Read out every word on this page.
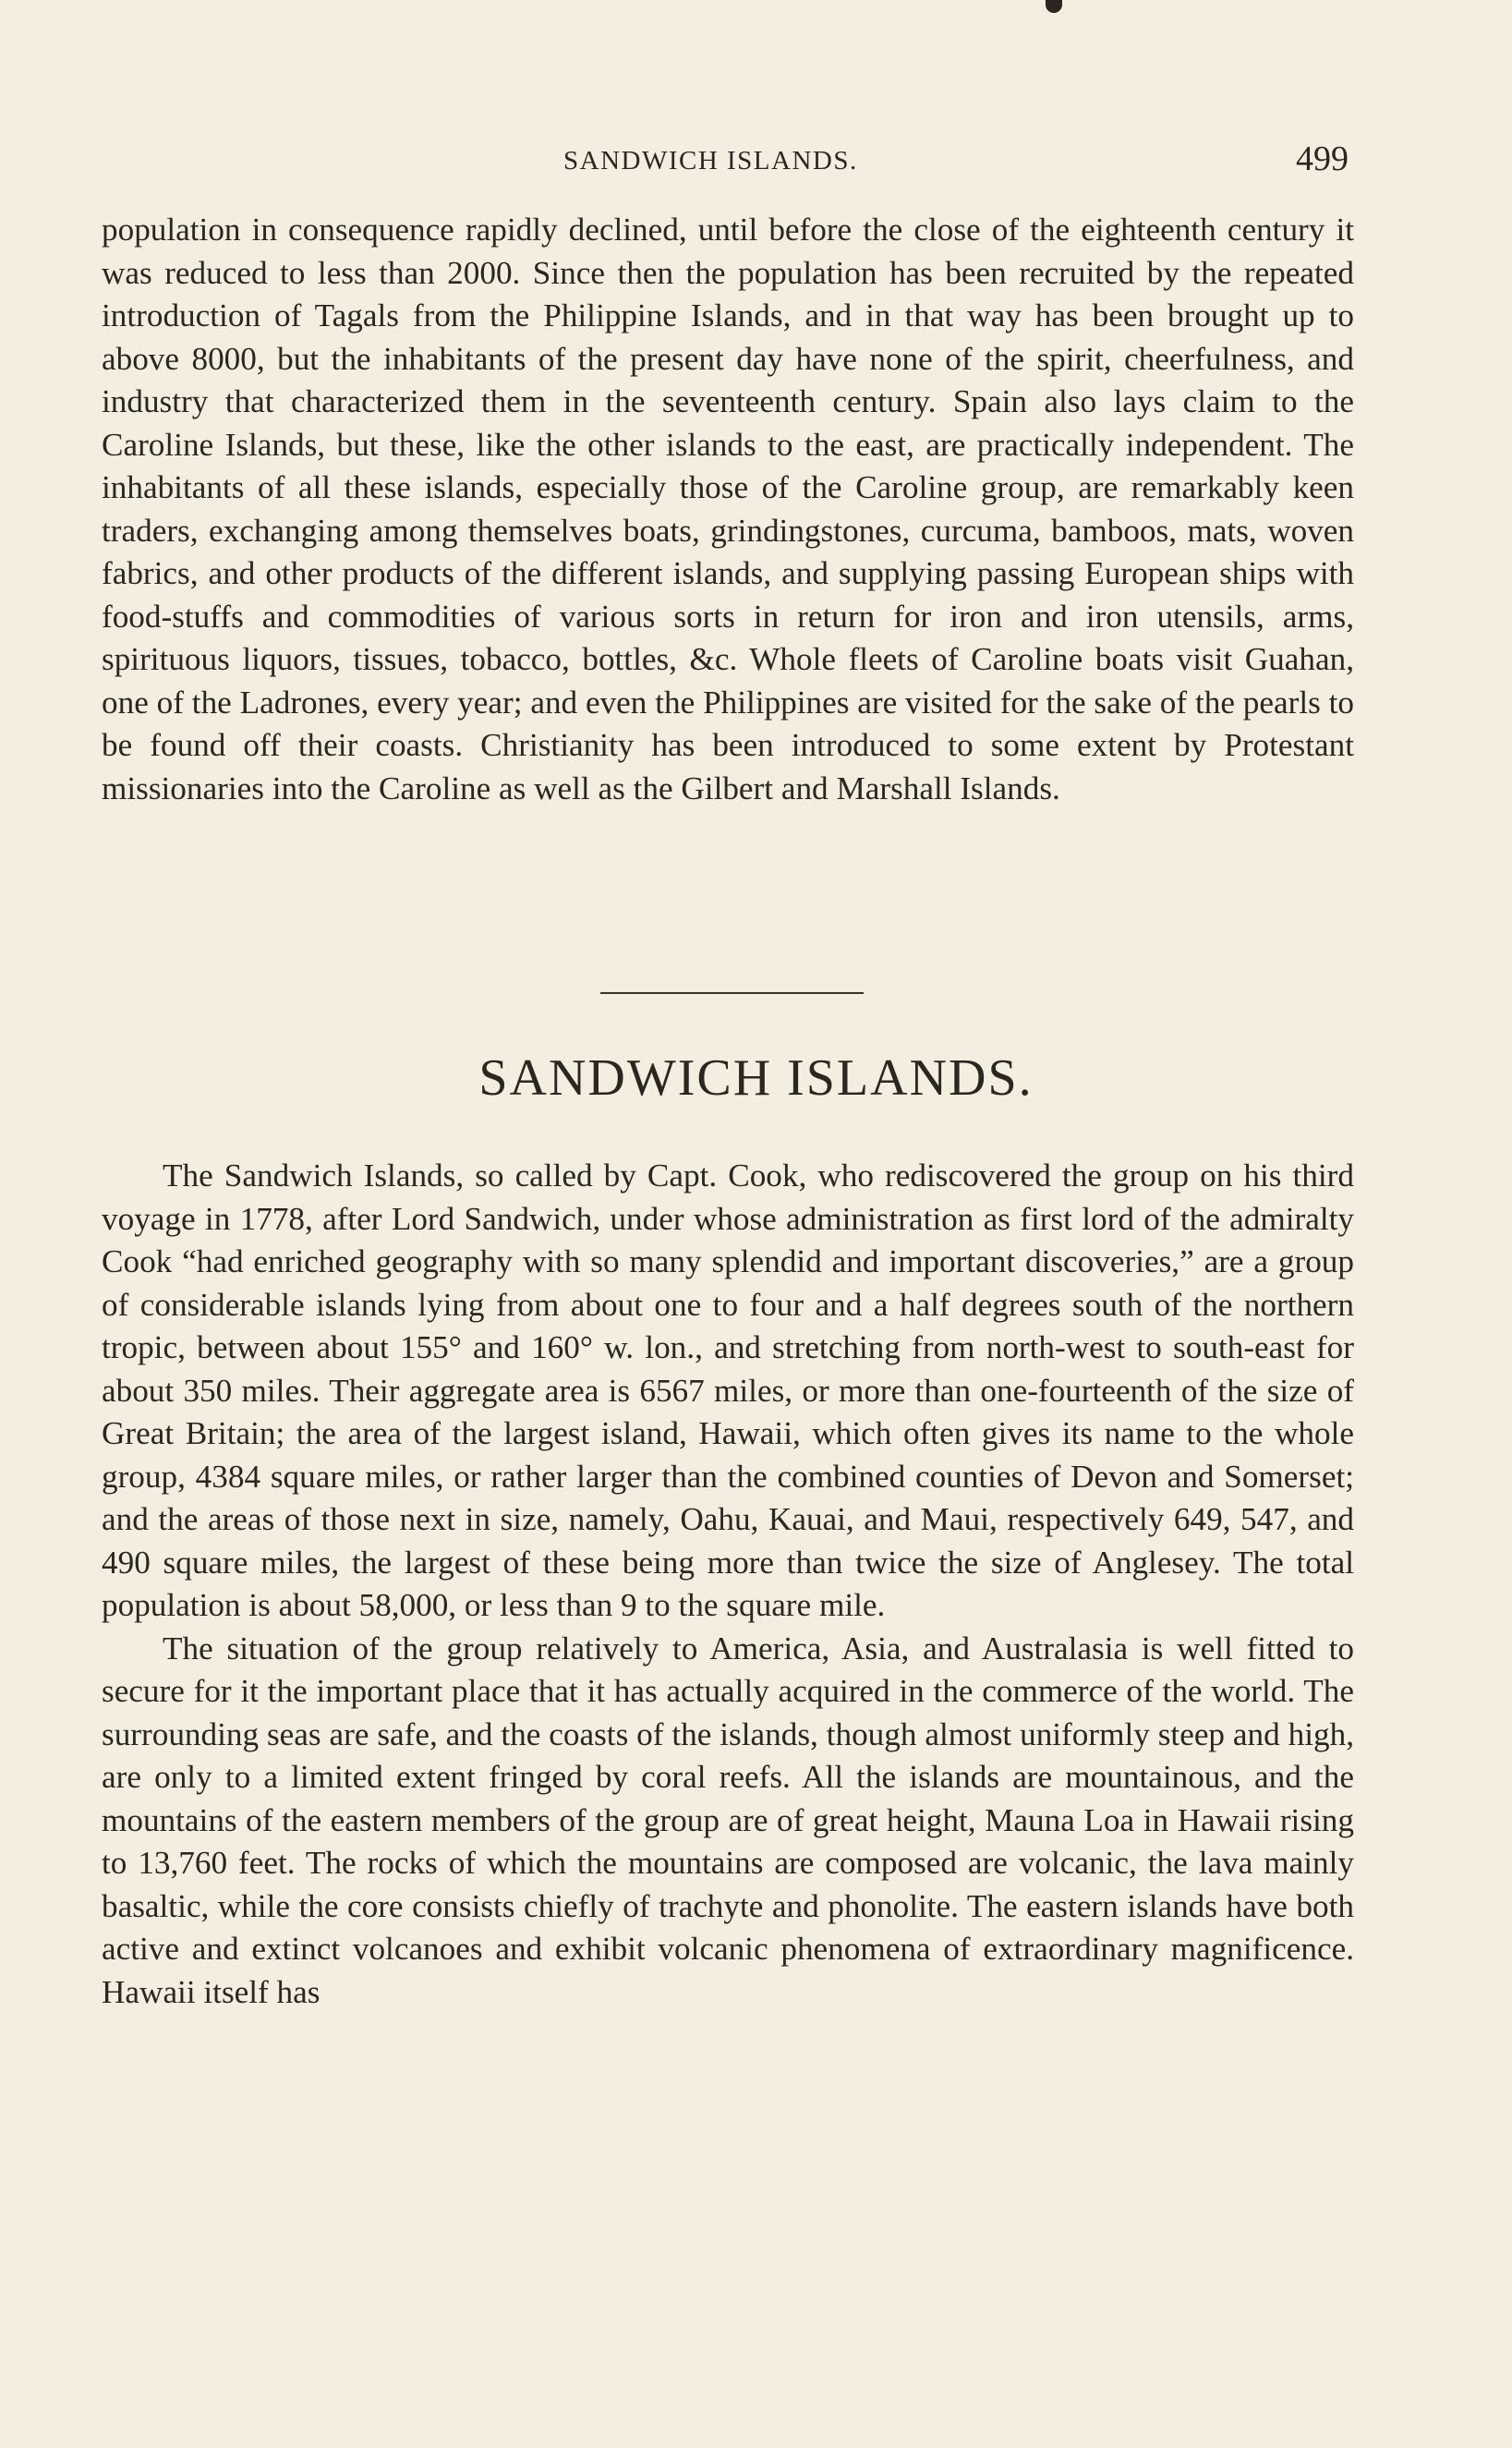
SANDWICH ISLANDS.	499

population in consequence rapidly declined, until before the close of the eighteenth century it was reduced to less than 2000. Since then the population has been recruited by the repeated introduction of Tagals from the Philippine Islands, and in that way has been brought up to above 8000, but the inhabitants of the present day have none of the spirit, cheerfulness, and industry that characterized them in the seventeenth century. Spain also lays claim to the Caroline Islands, but these, like the other islands to the east, are practically independent. The inhabitants of all these islands, especially those of the Caroline group, are remarkably keen traders, exchanging among themselves boats, grindingstones, curcuma, bamboos, mats, woven fabrics, and other products of the different islands, and supplying passing European ships with food-stuffs and commodities of various sorts in return for iron and iron utensils, arms, spirituous liquors, tissues, tobacco, bottles, &c. Whole fleets of Caroline boats visit Guahan, one of the Ladrones, every year; and even the Philippines are visited for the sake of the pearls to be found off their coasts. Christianity has been introduced to some extent by Protestant missionaries into the Caroline as well as the Gilbert and Marshall Islands.

SANDWICH ISLANDS.

The Sandwich Islands, so called by Capt. Cook, who rediscovered the group on his third voyage in 1778, after Lord Sandwich, under whose administration as first lord of the admiralty Cook “had enriched geography with so many splendid and important discoveries,” are a group of considerable islands lying from about one to four and a half degrees south of the northern tropic, between about 155° and 160° w. lon., and stretching from north-west to south-east for about 350 miles. Their aggregate area is 6567 miles, or more than one-fourteenth of the size of Great Britain; the area of the largest island, Hawaii, which often gives its name to the whole group, 4384 square miles, or rather larger than the combined counties of Devon and Somerset; and the areas of those next in size, namely, Oahu, Kauai, and Maui, respectively 649, 547, and 490 square miles, the largest of these being more than twice the size of Anglesey. The total population is about 58,000, or less than 9 to the square mile.

The situation of the group relatively to America, Asia, and Australasia is well fitted to secure for it the important place that it has actually acquired in the commerce of the world. The surrounding seas are safe, and the coasts of the islands, though almost uniformly steep and high, are only to a limited extent fringed by coral reefs. All the islands are mountainous, and the mountains of the eastern members of the group are of great height, Mauna Loa in Hawaii rising to 13,760 feet. The rocks of which the mountains are composed are volcanic, the lava mainly basaltic, while the core consists chiefly of trachyte and phonolite. The eastern islands have both active and extinct volcanoes and exhibit volcanic phenomena of extraordinary magnificence. Hawaii itself has
